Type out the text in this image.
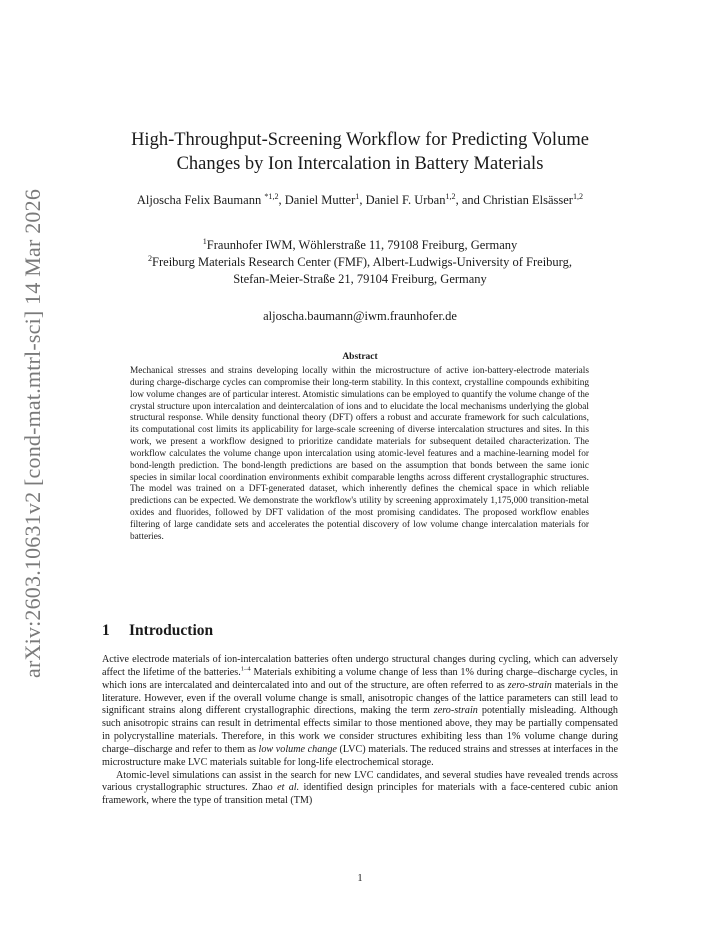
arXiv:2603.10631v2 [cond-mat.mtrl-sci] 14 Mar 2026
High-Throughput-Screening Workflow for Predicting Volume
Changes by Ion Intercalation in Battery Materials
Aljoscha Felix Baumann $^{*1,2}$, Daniel Mutter$^1$, Daniel F. Urban$^{1,2}$, and Christian Elsässer$^{1,2}$
$^1$Fraunhofer IWM, Wöhlerstraße 11, 79108 Freiburg, Germany
$^2$Freiburg Materials Research Center (FMF), Albert-Ludwigs-University of Freiburg,
Stefan-Meier-Straße 21, 79104 Freiburg, Germany
aljoscha.baumann@iwm.fraunhofer.de
Abstract
Mechanical stresses and strains developing locally within the microstructure of active ion-battery-electrode materials during charge-discharge cycles can compromise their long-term stability. In this context, crystalline compounds exhibiting low volume changes are of particular interest. Atomistic simulations can be employed to quantify the volume change of the crystal structure upon intercalation and deintercalation of ions and to elucidate the local mechanisms underlying the global structural response. While density functional theory (DFT) offers a robust and accurate framework for such calculations, its computational cost limits its applicability for large-scale screening of diverse intercalation structures and sites. In this work, we present a workflow designed to prioritize candidate materials for subsequent detailed characterization. The workflow calculates the volume change upon intercalation using atomic-level features and a machine-learning model for bond-length prediction. The bond-length predictions are based on the assumption that bonds between the same ionic species in similar local coordination environments exhibit comparable lengths across different crystallographic structures. The model was trained on a DFT-generated dataset, which inherently defines the chemical space in which reliable predictions can be expected. We demonstrate the workflow's utility by screening approximately 1,175,000 transition-metal oxides and fluorides, followed by DFT validation of the most promising candidates. The proposed workflow enables filtering of large candidate sets and accelerates the potential discovery of low volume change intercalation materials for batteries.
1 Introduction

Active electrode materials of ion-intercalation batteries often undergo structural changes during cycling, which can adversely affect the lifetime of the batteries.$^{1-4}$ Materials exhibiting a volume change of less than 1% during charge–discharge cycles, in which ions are intercalated and deintercalated into and out of the structure, are often referred to as zero-strain materials in the literature. However, even if the overall volume change is small, anisotropic changes of the lattice parameters can still lead to significant strains along different crystallographic directions, making the term zero-strain potentially misleading. Although such anisotropic strains can result in detrimental effects similar to those mentioned above, they may be partially compensated in polycrystalline materials. Therefore, in this work we consider structures exhibiting less than 1% volume change during charge–discharge and refer to them as low volume change (LVC) materials. The reduced strains and stresses at interfaces in the microstructure make LVC materials suitable for long-life electrochemical storage.

Atomic-level simulations can assist in the search for new LVC candidates, and several studies have revealed trends across various crystallographic structures. Zhao et al. identified design principles for materials with a face-centered cubic anion framework, where the type of transition metal (TM)

1
